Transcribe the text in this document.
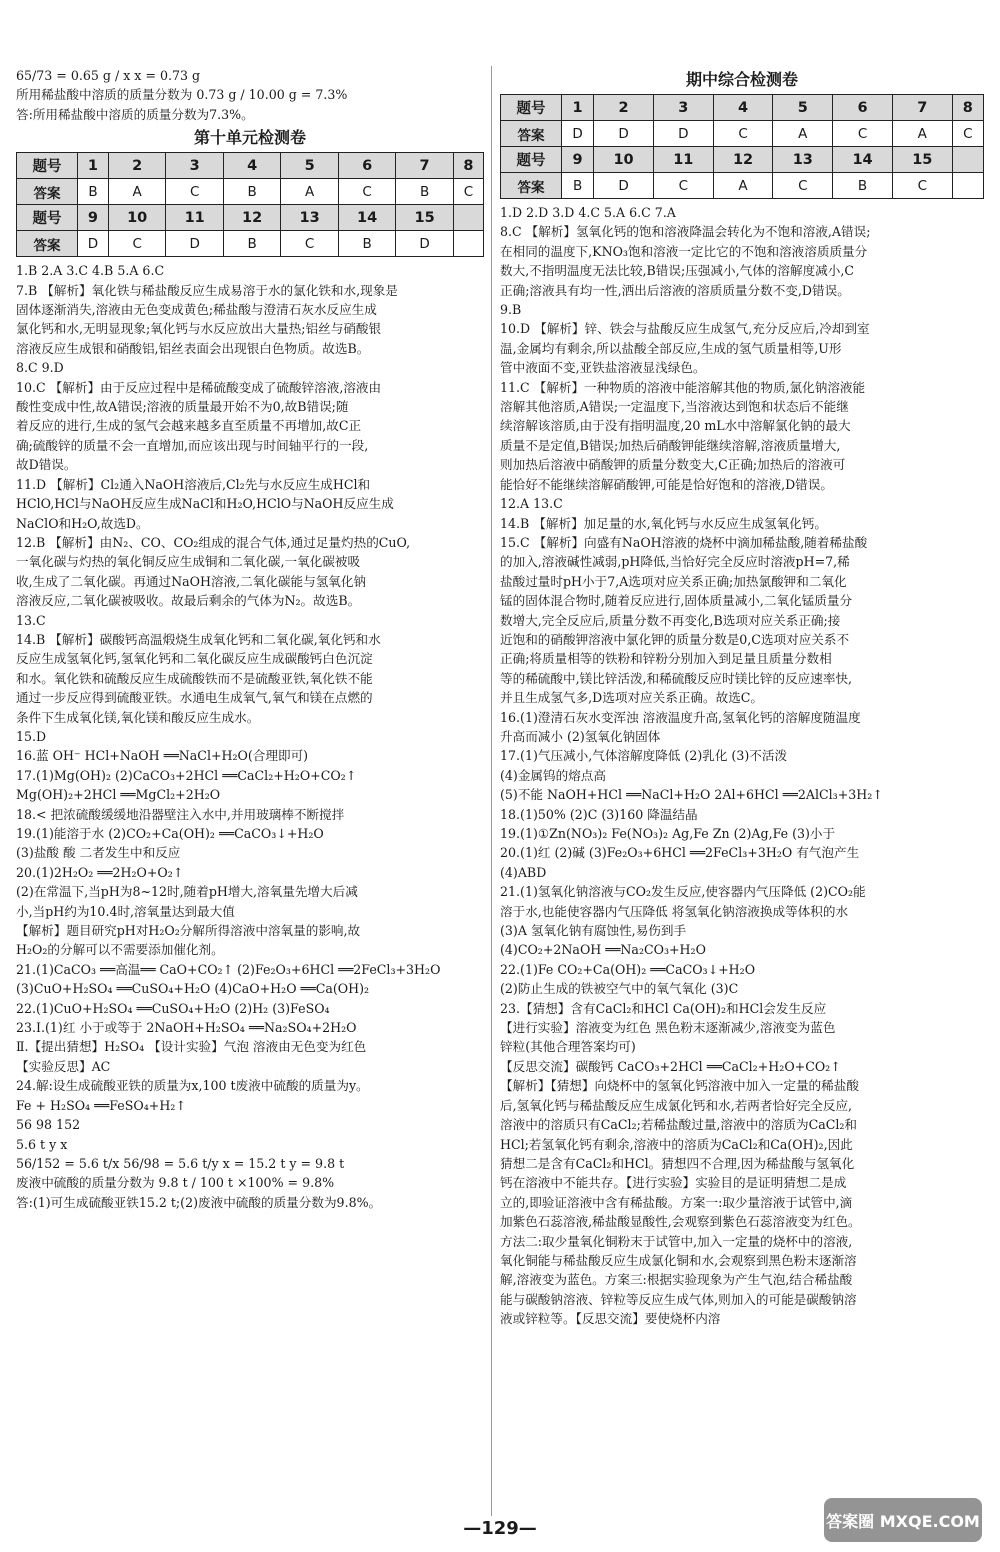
65/73 = 0.65 g / x x = 0.73 g
所用稀盐酸中溶质的质量分数为 0.73 g / 10.00 g = 7.3%
答:所用稀盐酸中溶质的质量分数为7.3%。
第十单元检测卷
题号	1	2	3	4	5	6	7	8
答案	B	A	C	B	A	C	B	C
题号	9	10	11	12	13	14	15	
答案	D	C	D	B	C	B	D	
1.B 2.A 3.C 4.B 5.A 6.C
7.B 【解析】氧化铁与稀盐酸反应生成易溶于水的氯化铁和水,现象是
固体逐渐消失,溶液由无色变成黄色;稀盐酸与澄清石灰水反应生成
氯化钙和水,无明显现象;氧化钙与水反应放出大量热;铝丝与硝酸银
溶液反应生成银和硝酸铝,铝丝表面会出现银白色物质。故选B。
8.C 9.D
10.C 【解析】由于反应过程中是稀硫酸变成了硫酸锌溶液,溶液由
酸性变成中性,故A错误;溶液的质量最开始不为0,故B错误;随
着反应的进行,生成的氢气会越来越多直至质量不再增加,故C正
确;硫酸锌的质量不会一直增加,而应该出现与时间轴平行的一段,
故D错误。
11.D 【解析】Cl₂通入NaOH溶液后,Cl₂先与水反应生成HCl和
HClO,HCl与NaOH反应生成NaCl和H₂O,HClO与NaOH反应生成
NaClO和H₂O,故选D。
12.B 【解析】由N₂、CO、CO₂组成的混合气体,通过足量灼热的CuO,
一氧化碳与灼热的氧化铜反应生成铜和二氧化碳,一氧化碳被吸
收,生成了二氧化碳。再通过NaOH溶液,二氧化碳能与氢氧化钠
溶液反应,二氧化碳被吸收。故最后剩余的气体为N₂。故选B。
13.C
14.B 【解析】碳酸钙高温煅烧生成氧化钙和二氧化碳,氧化钙和水
反应生成氢氧化钙,氢氧化钙和二氧化碳反应生成碳酸钙白色沉淀
和水。氧化铁和硫酸反应生成硫酸铁而不是硫酸亚铁,氧化铁不能
通过一步反应得到硫酸亚铁。水通电生成氧气,氧气和镁在点燃的
条件下生成氧化镁,氧化镁和酸反应生成水。
15.D
16.蓝 OH⁻ HCl+NaOH ══NaCl+H₂O(合理即可)
17.(1)Mg(OH)₂ (2)CaCO₃+2HCl ══CaCl₂+H₂O+CO₂↑
Mg(OH)₂+2HCl ══MgCl₂+2H₂O
18.< 把浓硫酸缓缓地沿器壁注入水中,并用玻璃棒不断搅拌
19.(1)能溶于水 (2)CO₂+Ca(OH)₂ ══CaCO₃↓+H₂O
(3)盐酸 酸 二者发生中和反应
20.(1)2H₂O₂ ══2H₂O+O₂↑
(2)在常温下,当pH为8~12时,随着pH增大,溶氧量先增大后减
小,当pH约为10.4时,溶氧量达到最大值
【解析】题目研究pH对H₂O₂分解所得溶液中溶氧量的影响,故
H₂O₂的分解可以不需要添加催化剂。
21.(1)CaCO₃ ══高温══ CaO+CO₂↑ (2)Fe₂O₃+6HCl ══2FeCl₃+3H₂O
(3)CuO+H₂SO₄ ══CuSO₄+H₂O (4)CaO+H₂O ══Ca(OH)₂
22.(1)CuO+H₂SO₄ ══CuSO₄+H₂O (2)H₂ (3)FeSO₄
23.Ⅰ.(1)红 小于或等于 2NaOH+H₂SO₄ ══Na₂SO₄+2H₂O
Ⅱ.【提出猜想】H₂SO₄ 【设计实验】气泡 溶液由无色变为红色
【实验反思】AC
24.解:设生成硫酸亚铁的质量为x,100 t废液中硫酸的质量为y。
Fe + H₂SO₄ ══FeSO₄+H₂↑
56 98 152
5.6 t y x
56/152 = 5.6 t/x 56/98 = 5.6 t/y x = 15.2 t y = 9.8 t
废液中硫酸的质量分数为 9.8 t / 100 t ×100% = 9.8%
答:(1)可生成硫酸亚铁15.2 t;(2)废液中硫酸的质量分数为9.8%。
期中综合检测卷
题号	1	2	3	4	5	6	7	8
答案	D	D	D	C	A	C	A	C
题号	9	10	11	12	13	14	15	
答案	B	D	C	A	C	B	C	
1.D 2.D 3.D 4.C 5.A 6.C 7.A
8.C 【解析】氢氧化钙的饱和溶液降温会转化为不饱和溶液,A错误;
在相同的温度下,KNO₃饱和溶液一定比它的不饱和溶液溶质质量分
数大,不指明温度无法比较,B错误;压强减小,气体的溶解度减小,C
正确;溶液具有均一性,洒出后溶液的溶质质量分数不变,D错误。
9.B
10.D 【解析】锌、铁会与盐酸反应生成氢气,充分反应后,冷却到室
温,金属均有剩余,所以盐酸全部反应,生成的氢气质量相等,U形
管中液面不变,亚铁盐溶液显浅绿色。
11.C 【解析】一种物质的溶液中能溶解其他的物质,氯化钠溶液能
溶解其他溶质,A错误;一定温度下,当溶液达到饱和状态后不能继
续溶解该溶质,由于没有指明温度,20 mL水中溶解氯化钠的最大
质量不是定值,B错误;加热后硝酸钾能继续溶解,溶液质量增大,
则加热后溶液中硝酸钾的质量分数变大,C正确;加热后的溶液可
能恰好不能继续溶解硝酸钾,可能是恰好饱和的溶液,D错误。
12.A 13.C
14.B 【解析】加足量的水,氧化钙与水反应生成氢氧化钙。
15.C 【解析】向盛有NaOH溶液的烧杯中滴加稀盐酸,随着稀盐酸
的加入,溶液碱性减弱,pH降低,当恰好完全反应时溶液pH=7,稀
盐酸过量时pH小于7,A选项对应关系正确;加热氯酸钾和二氧化
锰的固体混合物时,随着反应进行,固体质量减小,二氧化锰质量分
数增大,完全反应后,质量分数不再变化,B选项对应关系正确;接
近饱和的硝酸钾溶液中氯化钾的质量分数是0,C选项对应关系不
正确;将质量相等的铁粉和锌粉分别加入到足量且质量分数相
等的稀硫酸中,镁比锌活泼,和稀硫酸反应时镁比锌的反应速率快,
并且生成氢气多,D选项对应关系正确。故选C。
16.(1)澄清石灰水变浑浊 溶液温度升高,氢氧化钙的溶解度随温度
升高而减小 (2)氢氧化钠固体
17.(1)气压减小,气体溶解度降低 (2)乳化 (3)不活泼
(4)金属钨的熔点高
(5)不能 NaOH+HCl ══NaCl+H₂O 2Al+6HCl ══2AlCl₃+3H₂↑
18.(1)50% (2)C (3)160 降温结晶
19.(1)①Zn(NO₃)₂ Fe(NO₃)₂ Ag,Fe Zn (2)Ag,Fe (3)小于
20.(1)红 (2)碱 (3)Fe₂O₃+6HCl ══2FeCl₃+3H₂O 有气泡产生
(4)ABD
21.(1)氢氧化钠溶液与CO₂发生反应,使容器内气压降低 (2)CO₂能
溶于水,也能使容器内气压降低 将氢氧化钠溶液换成等体积的水
(3)A 氢氧化钠有腐蚀性,易伤到手
(4)CO₂+2NaOH ══Na₂CO₃+H₂O
22.(1)Fe CO₂+Ca(OH)₂ ══CaCO₃↓+H₂O
(2)防止生成的铁被空气中的氧气氧化 (3)C
23.【猜想】含有CaCl₂和HCl Ca(OH)₂和HCl会发生反应
【进行实验】溶液变为红色 黑色粉末逐渐减少,溶液变为蓝色
锌粒(其他合理答案均可)
【反思交流】碳酸钙 CaCO₃+2HCl ══CaCl₂+H₂O+CO₂↑
【解析】【猜想】向烧杯中的氢氧化钙溶液中加入一定量的稀盐酸
后,氢氧化钙与稀盐酸反应生成氯化钙和水,若两者恰好完全反应,
溶液中的溶质只有CaCl₂;若稀盐酸过量,溶液中的溶质为CaCl₂和
HCl;若氢氧化钙有剩余,溶液中的溶质为CaCl₂和Ca(OH)₂,因此
猜想二是含有CaCl₂和HCl。猜想四不合理,因为稀盐酸与氢氧化
钙在溶液中不能共存。【进行实验】实验目的是证明猜想二是成
立的,即验证溶液中含有稀盐酸。方案一:取少量溶液于试管中,滴
加紫色石蕊溶液,稀盐酸显酸性,会观察到紫色石蕊溶液变为红色。
方法二:取少量氧化铜粉末于试管中,加入一定量的烧杯中的溶液,
氧化铜能与稀盐酸反应生成氯化铜和水,会观察到黑色粉末逐渐溶
解,溶液变为蓝色。方案三:根据实验现象为产生气泡,结合稀盐酸
能与碳酸钠溶液、锌粒等反应生成气体,则加入的可能是碳酸钠溶
液或锌粒等。【反思交流】要使烧杯内溶
—129—	答案圈 MXQE.COM
